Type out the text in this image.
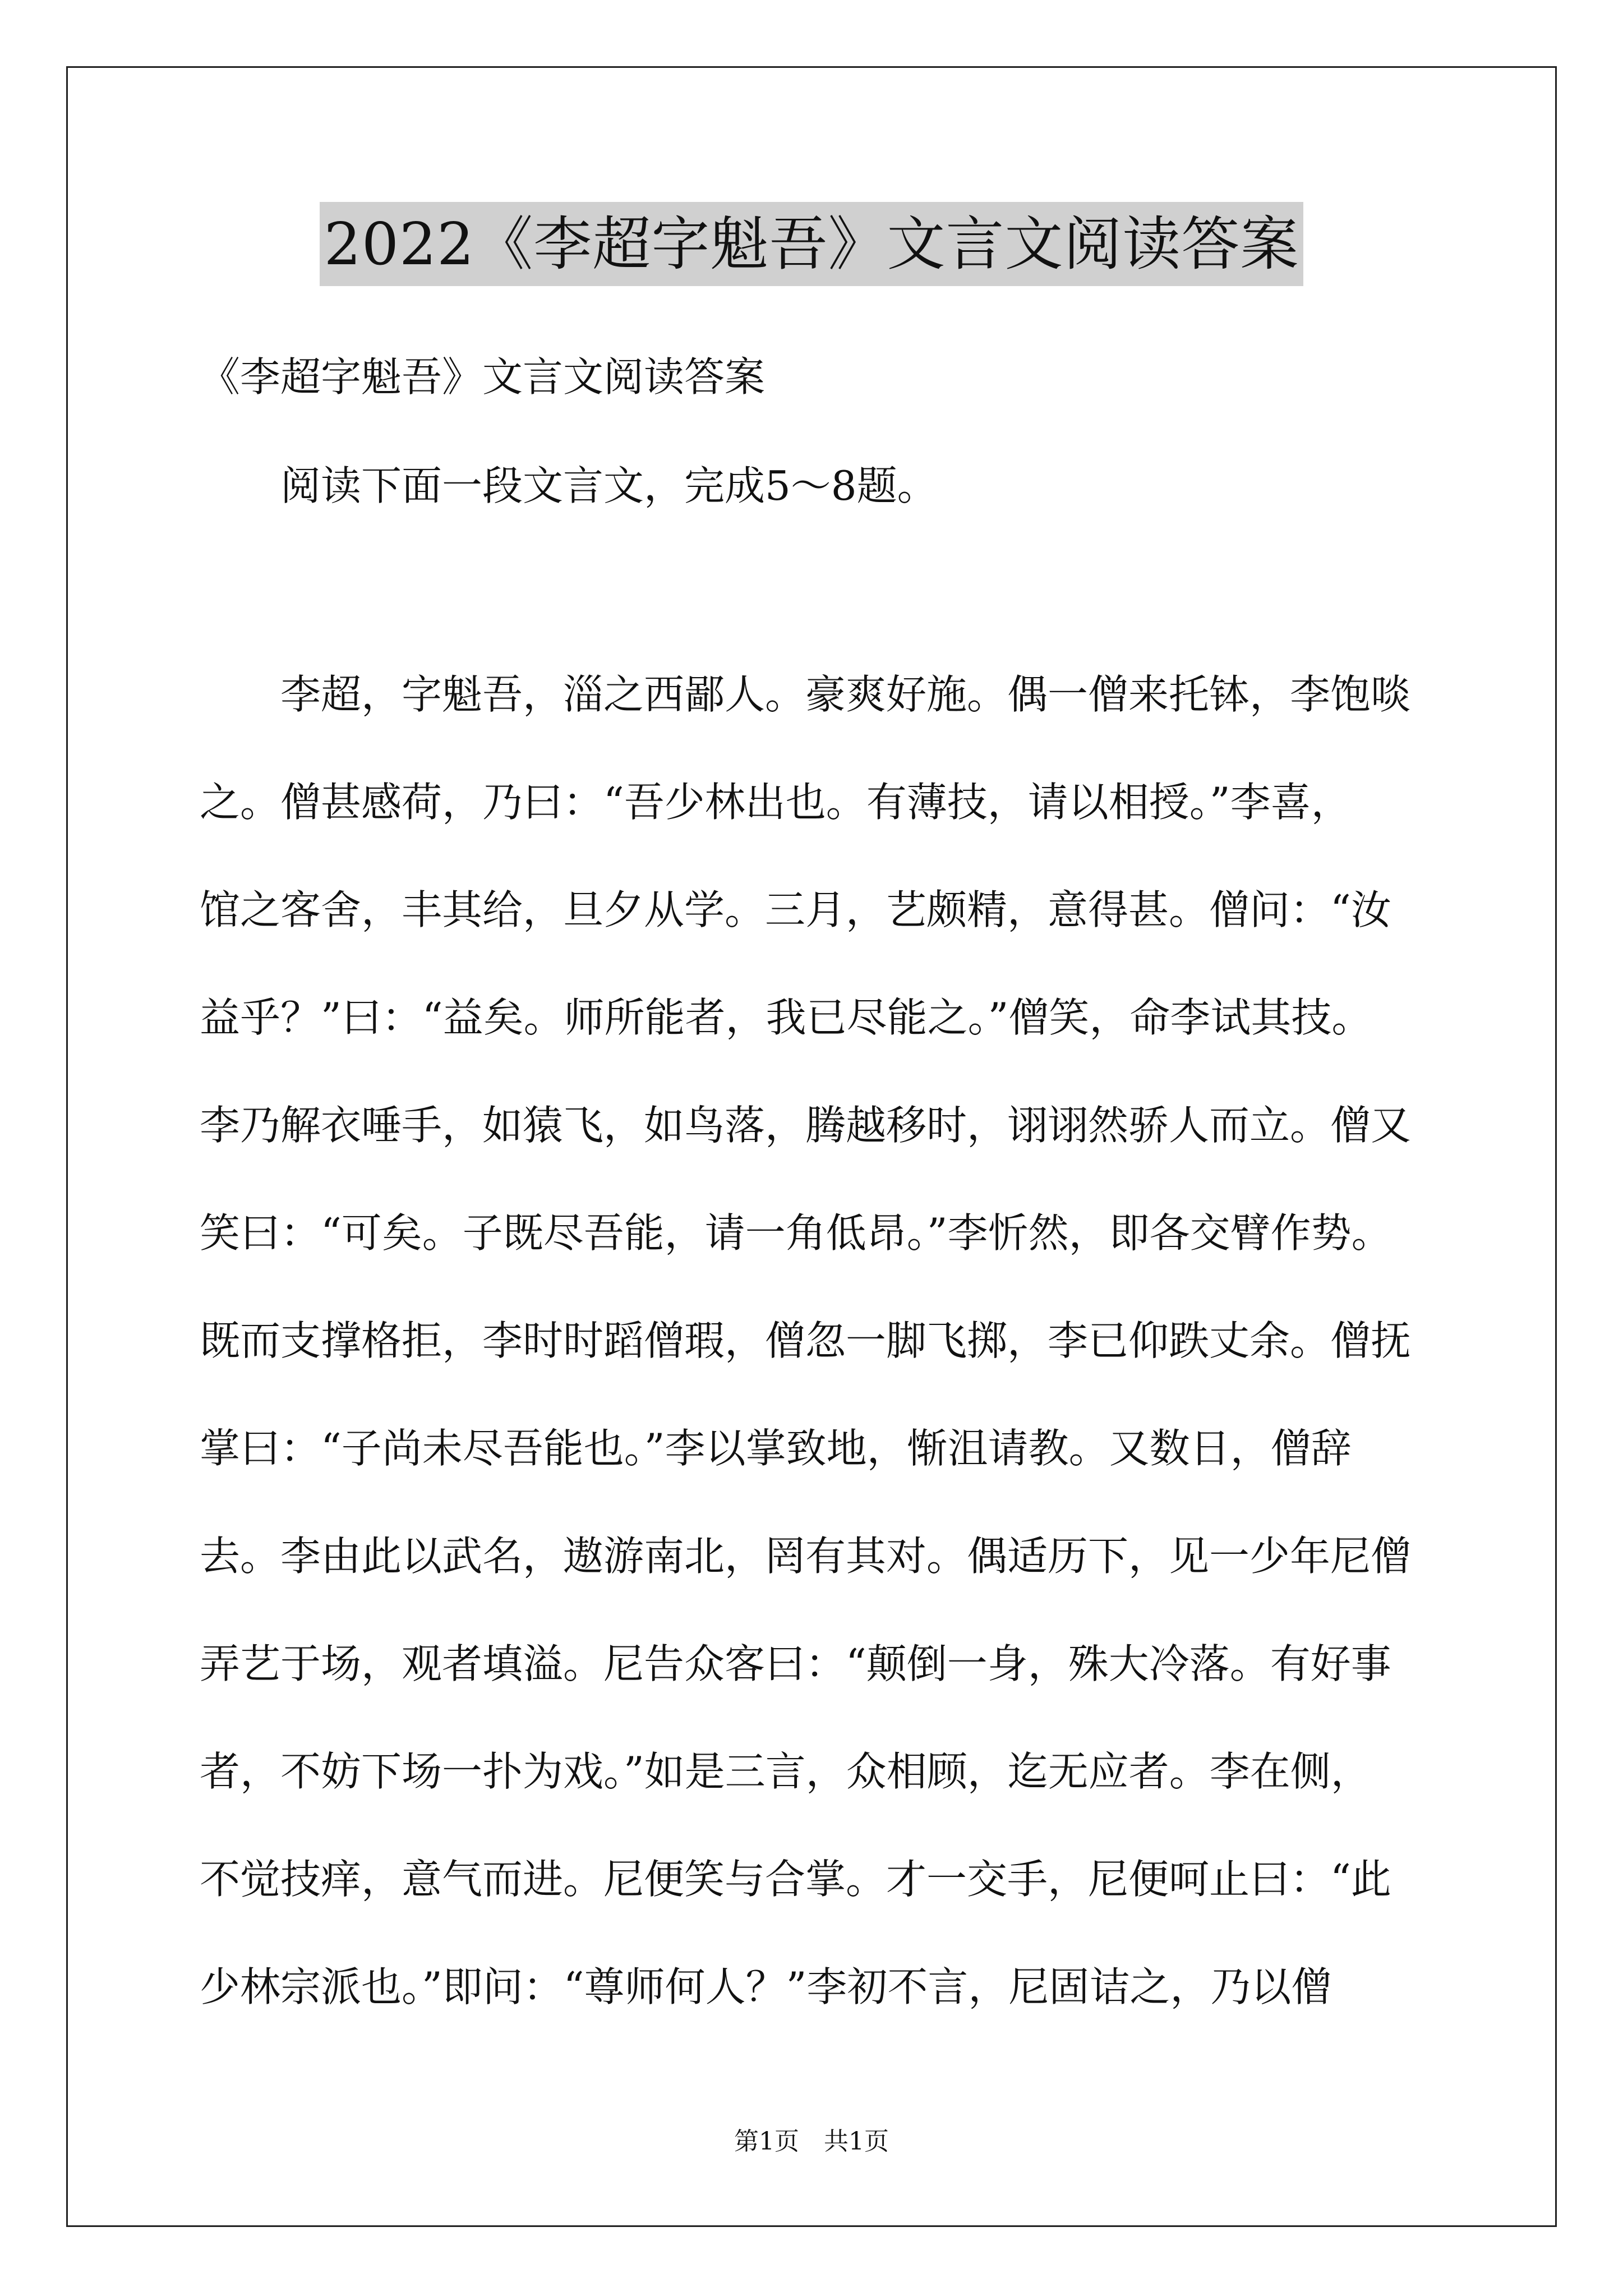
2022《李超字魁吾》文言文阅读答案
《李超字魁吾》文言文阅读答案
阅读下面一段文言文，完成5～8题。
李超，字魁吾，淄之西鄙人。豪爽好施。偶一僧来托钵，李饱啖
之。僧甚感荷，乃曰：“吾少林出也。有薄技，请以相授。”李喜，
馆之客舍，丰其给，旦夕从学。三月，艺颇精，意得甚。僧问：“汝
益乎？”曰：“益矣。师所能者，我已尽能之。”僧笑，命李试其技。
李乃解衣唾手，如猿飞，如鸟落，腾越移时，诩诩然骄人而立。僧又
笑曰：“可矣。子既尽吾能，请一角低昂。”李忻然，即各交臂作势。
既而支撑格拒，李时时蹈僧瑕，僧忽一脚飞掷，李已仰跌丈余。僧抚
掌曰：“子尚未尽吾能也。”李以掌致地，惭沮请教。又数日，僧辞
去。李由此以武名，遨游南北，罔有其对。偶适历下，见一少年尼僧
弄艺于场，观者填溢。尼告众客曰：“颠倒一身，殊大冷落。有好事
者，不妨下场一扑为戏。”如是三言，众相顾，迄无应者。李在侧，
不觉技痒，意气而进。尼便笑与合掌。才一交手，尼便呵止曰：“此
少林宗派也。”即问：“尊师何人？”李初不言，尼固诘之，乃以僧
第1页　共1页
